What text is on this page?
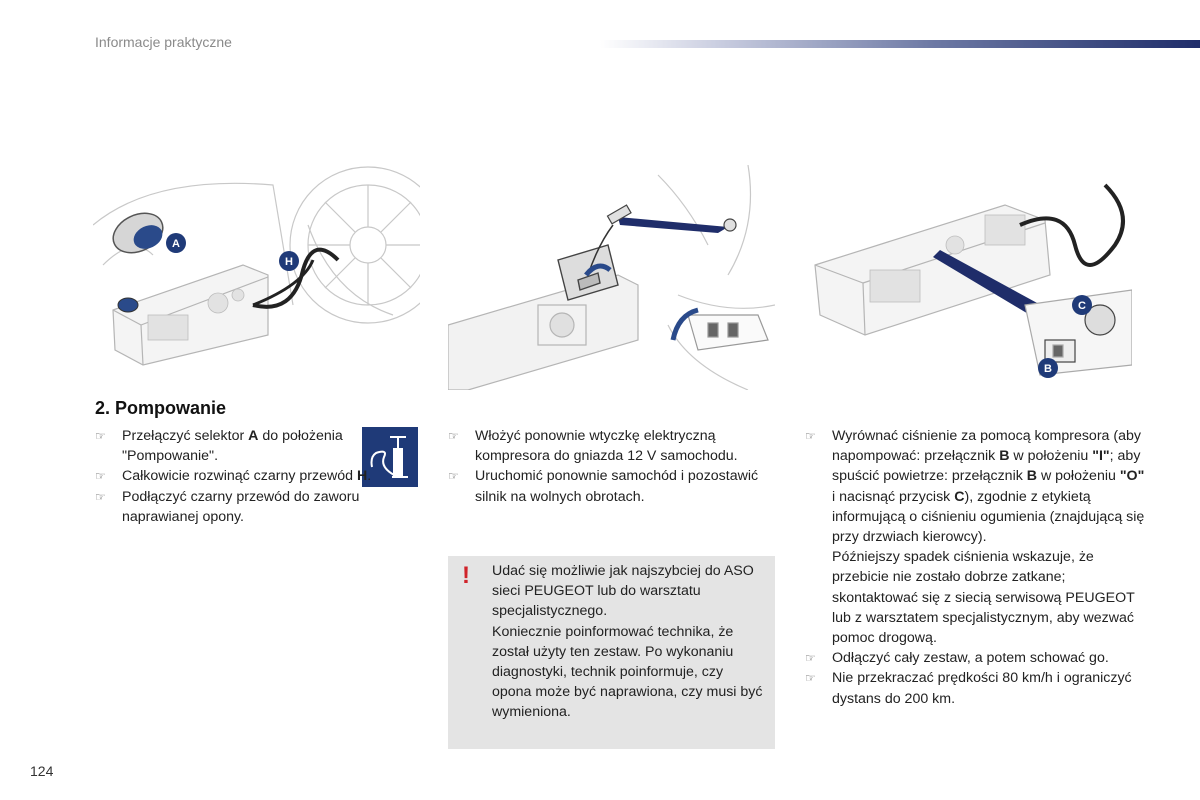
Informacje praktyczne
A
H
C
B
2. Pompowanie
☞ Przełączyć selektor A do położenia "Pompowanie".
☞ Całkowicie rozwinąć czarny przewód H.
☞ Podłączyć czarny przewód do zaworu naprawianej opony.
☞ Włożyć ponownie wtyczkę elektryczną kompresora do gniazda 12 V samochodu.
☞ Uruchomić ponownie samochód i pozostawić silnik na wolnych obrotach.
! Udać się możliwie jak najszybciej do ASO sieci PEUGEOT lub do warsztatu specjalistycznego.

Koniecznie poinformować technika, że został użyty ten zestaw. Po wykonaniu diagnostyki, technik poinformuje, czy opona może być naprawiona, czy musi być wymieniona.

☞ Wyrównać ciśnienie za pomocą kompresora (aby napompować: przełącznik B w położeniu "I"; aby spuścić powietrze: przełącznik B w położeniu "O" i nacisnąć przycisk C), zgodnie z etykietą informującą o ciśnieniu ogumienia (znajdującą się przy drzwiach kierowcy).

Późniejszy spadek ciśnienia wskazuje, że przebicie nie zostało dobrze zatkane; skontaktować się z siecią serwisową PEUGEOT lub z warsztatem specjalistycznym, aby wezwać pomoc drogową.

☞ Odłączyć cały zestaw, a potem schować go.
☞ Nie przekraczać prędkości 80 km/h i ograniczyć dystans do 200 km.
124
